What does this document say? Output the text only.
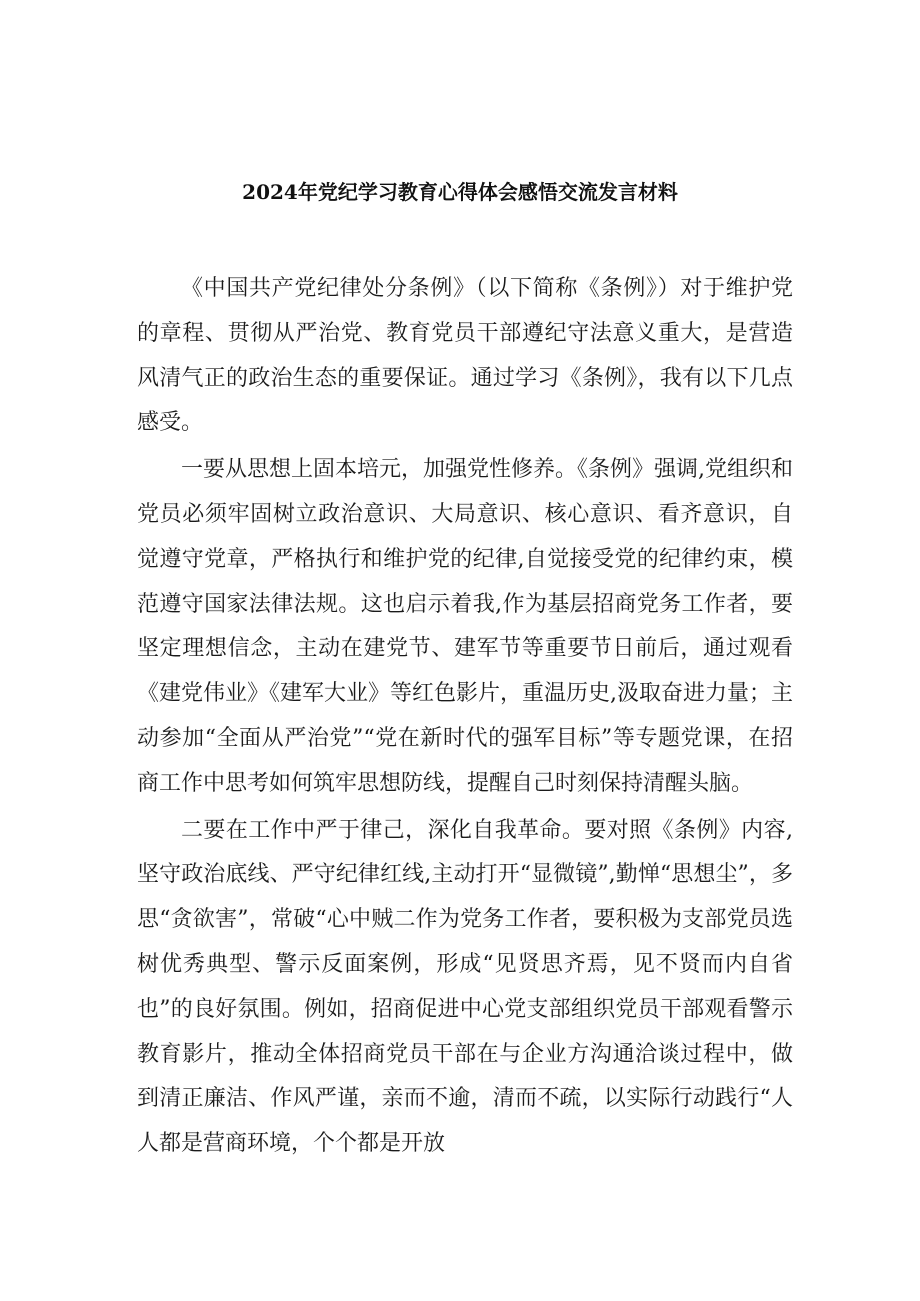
2024年党纪学习教育心得体会感悟交流发言材料

《中国共产党纪律处分条例》（以下简称《条例》）对于维护党的章程、贯彻从严治党、教育党员干部遵纪守法意义重大，是营造风清气正的政治生态的重要保证。通过学习《条例》，我有以下几点感受。

一要从思想上固本培元，加强党性修养。《条例》强调,党组织和党员必须牢固树立政治意识、大局意识、核心意识、看齐意识，自觉遵守党章，严格执行和维护党的纪律,自觉接受党的纪律约束，模范遵守国家法律法规。这也启示着我,作为基层招商党务工作者，要坚定理想信念，主动在建党节、建军节等重要节日前后，通过观看《建党伟业》《建军大业》等红色影片，重温历史,汲取奋进力量；主动参加“全面从严治党”“党在新时代的强军目标”等专题党课，在招商工作中思考如何筑牢思想防线，提醒自己时刻保持清醒头脑。

二要在工作中严于律己，深化自我革命。要对照《条例》内容,坚守政治底线、严守纪律红线,主动打开“显微镜”,勤惮“思想尘”，多思“贪欲害”，常破“心中贼二作为党务工作者，要积极为支部党员选树优秀典型、警示反面案例，形成“见贤思齐焉，见不贤而内自省也”的良好氛围。例如，招商促进中心党支部组织党员干部观看警示教育影片，推动全体招商党员干部在与企业方沟通洽谈过程中，做到清正廉洁、作风严谨，亲而不逾，清而不疏，以实际行动践行“人人都是营商环境，个个都是开放
